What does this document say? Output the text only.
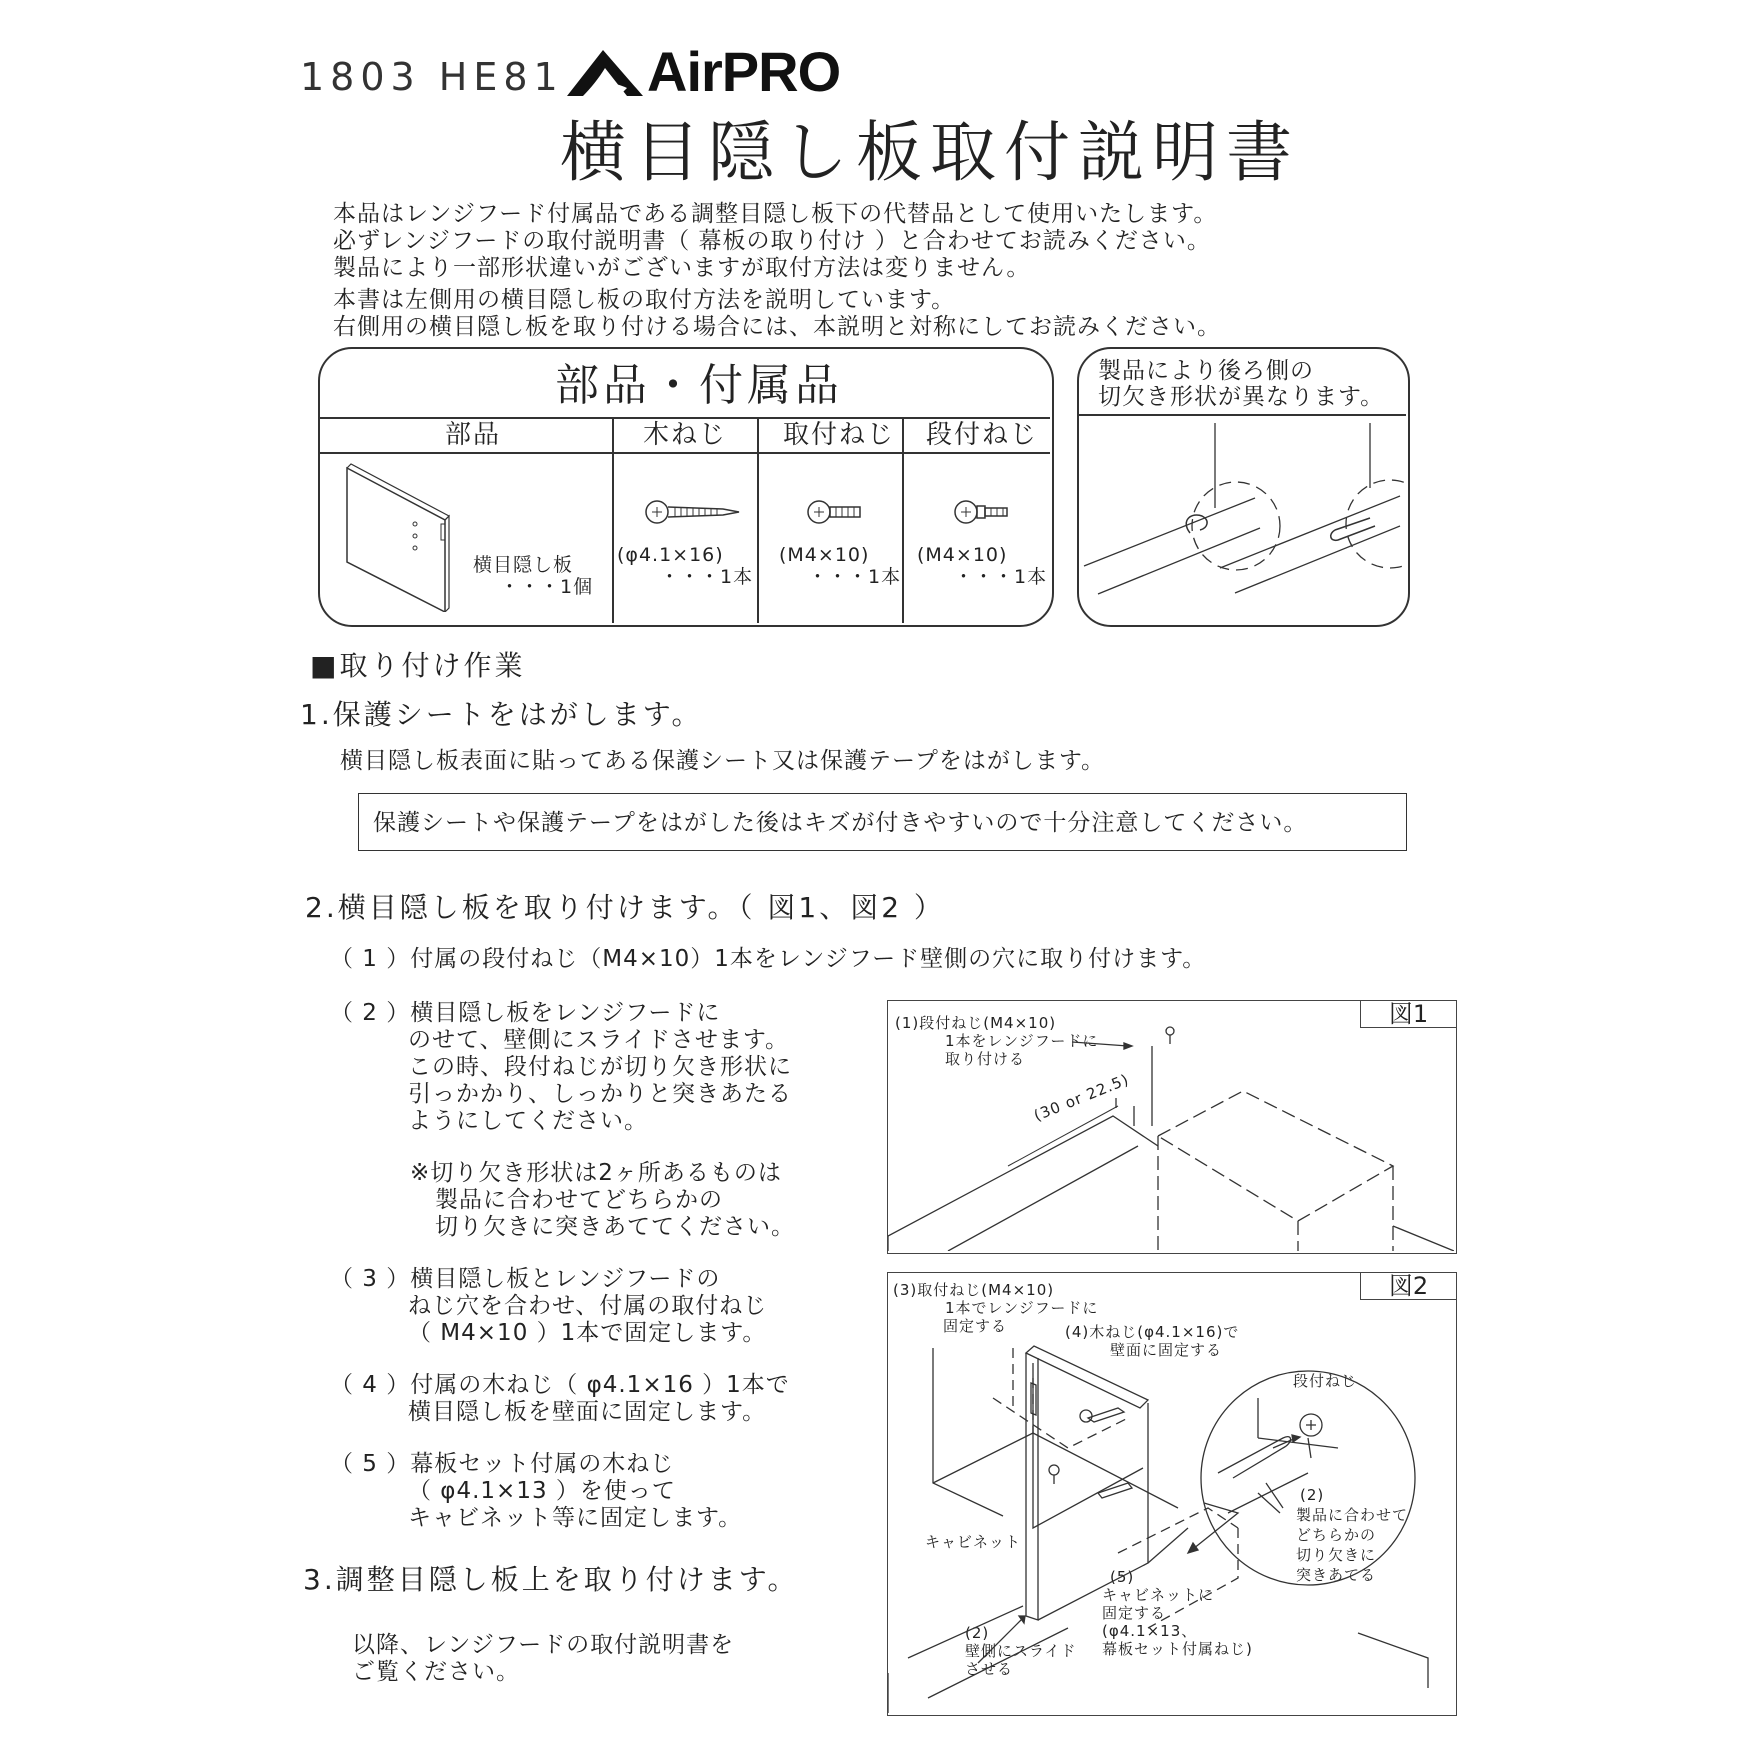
1803 HE81 AirPRO
横目隠し板取付説明書
本品はレンジフード付属品である調整目隠し板下の代替品として使用いたします。
必ずレンジフードの取付説明書（ 幕板の取り付け ）と合わせてお読みください。
製品により一部形状違いがございますが取付方法は変りません。
本書は左側用の横目隠し板の取付方法を説明しています。
右側用の横目隠し板を取り付ける場合には、本説明と対称にしてお読みください。
部品・付属品
部品	木ねじ 取付ねじ 段付ねじ
横目隠し板
・・・1個
(φ4.1×16)
・・・1本
(M4×10)
・・・1本
(M4×10)
・・・1本
製品により後ろ側の
切欠き形状が異なります。
■取り付け作業
1.保護シートをはがします。
横目隠し板表面に貼ってある保護シート又は保護テープをはがします。
保護シートや保護テープをはがした後はキズが付きやすいので十分注意してください。
2.横目隠し板を取り付けます。（ 図1、図2 ）
（ 1 ）付属の段付ねじ（M4×10）1本をレンジフード壁側の穴に取り付けます。
（ 2 ）横目隠し板をレンジフードに
のせて、壁側にスライドさせます。
この時、段付ねじが切り欠き形状に
引っかかり、しっかりと突きあたる
ようにしてください。
※切り欠き形状は2ヶ所あるものは
製品に合わせてどちらかの
切り欠きに突きあててください。
（ 3 ）横目隠し板とレンジフードの
ねじ穴を合わせ、付属の取付ねじ
（ M4×10 ）1本で固定します。
（ 4 ）付属の木ねじ（ φ4.1×16 ）1本で
横目隠し板を壁面に固定します。
（ 5 ）幕板セット付属の木ねじ
（ φ4.1×13 ）を使って
キャビネット等に固定します。
3.調整目隠し板上を取り付けます。
以降、レンジフードの取付説明書を
ご覧ください。
図1
(1)段付ねじ(M4×10)
1本をレンジフードに
取り付ける
(30 or 22.5)
図2
(3)取付ねじ(M4×10)
1本でレンジフードに
固定する	(4)木ねじ(φ4.1×16)で
壁面に固定する
段付ねじ
(2)
製品に合わせて
どちらかの
切り欠きに
突きあてる
キャビネット
(5)
キャビネットに
固定する
(φ4.1×13、
幕板セット付属ねじ)
(2)
壁側にスライド
させる
